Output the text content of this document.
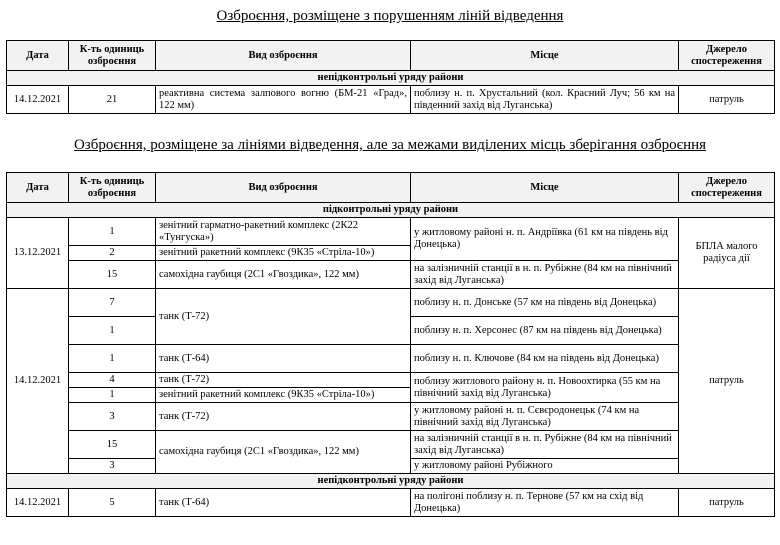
Озброєння, розміщене з порушенням ліній відведення
Дата	К-ть одиниць озброєння	Вид озброєння	Місце	Джерело спостереження
непідконтрольні уряду райони				
14.12.2021	21	реактивна система залпового вогню (БМ-21 «Град», 122 мм)	поблизу н. п. Хрустальний (кол. Красний Луч; 56 км на південний захід від Луганська)	патруль
Озброєння, розміщене за лініями відведення, але за межами виділених місць зберігання озброєння
Дата	К-ть одиниць озброєння	Вид озброєння	Місце	Джерело спостереження
підконтрольні уряду райони				
13.12.2021	1	зенітний гарматно-ракетний комплекс (2К22 «Тунгуска»)	у житловому районі н. п. Андріївка (61 км на південь від Донецька)	БПЛА малого радіуса дії
	2	зенітний ракетний комплекс (9К35 «Стріла-10»)		
	15	самохідна гаубиця (2С1 «Гвоздика», 122 мм)	на залізничній станції в н. п. Рубіжне (84 км на північний захід від Луганська)	
14.12.2021	7	танк (Т-72)	поблизу н. п. Донське (57 км на південь від Донецька)	патруль
	1		поблизу н. п. Херсонес (87 км на південь від Донецька)	
	1	танк (Т-64)	поблизу н. п. Ключове (84 км на південь від Донецька)	
	4	танк (Т-72)	поблизу житлового району н. п. Новоохтирка (55 км на північний захід від Луганська)	
	1	зенітний ракетний комплекс (9К35 «Стріла-10»)		
	3	танк (Т-72)	у житловому районі н. п. Сєвєродонецьк (74 км на північний захід від Луганська)	
	15	самохідна гаубиця (2С1 «Гвоздика», 122 мм)	на залізничній станції в н. п. Рубіжне (84 км на північний захід від Луганська)	
	3		у житловому районі Рубіжного	
непідконтрольні уряду райони				
14.12.2021	5	танк (Т-64)	на полігоні поблизу н. п. Тернове (57 км на схід від Донецька)	патруль
